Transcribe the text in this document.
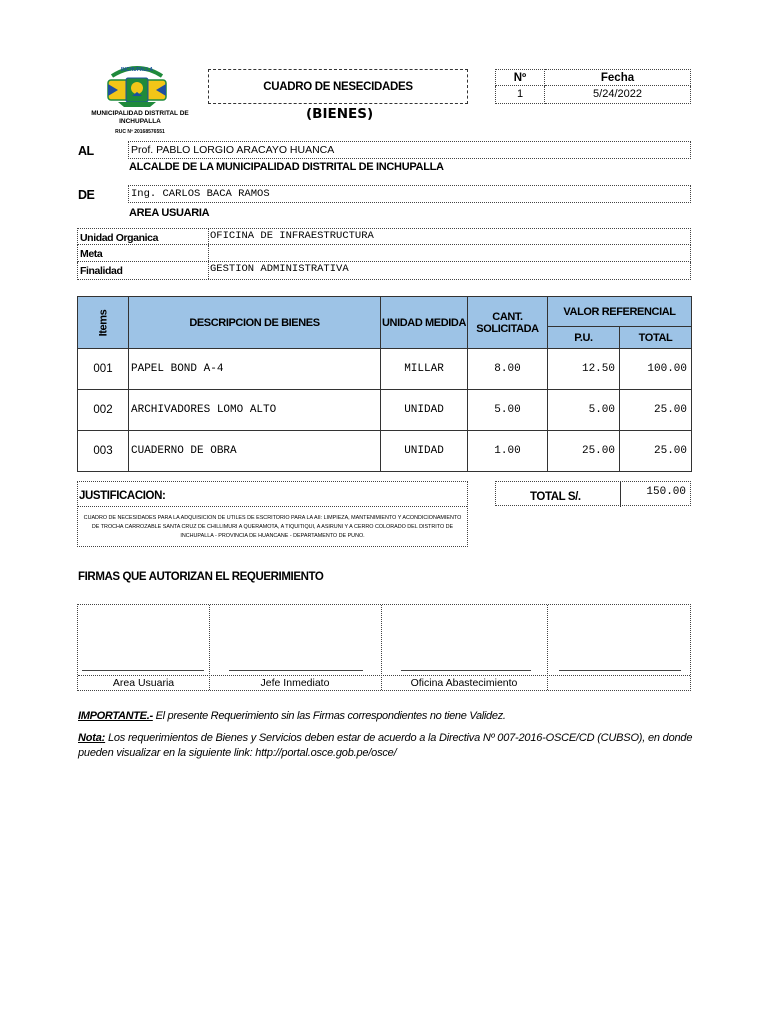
INCHUPALLA
MUNICIPALIDAD DISTRITAL DE INCHUPALLA
RUC Nº 20168576551
CUADRO DE NESECIDADES
(BIENES)
Nº	Fecha
1	5/24/2022
AL	Prof. PABLO LORGIO ARACAYO HUANCA
ALCALDE DE LA MUNICIPALIDAD DISTRITAL DE INCHUPALLA
DE	Ing. CARLOS BACA RAMOS
AREA USUARIA
Unidad Organica	OFICINA DE INFRAESTRUCTURA
Meta
Finalidad	GESTION ADMINISTRATIVA
Items	DESCRIPCION DE BIENES	UNIDAD MEDIDA	CANT. SOLICITADA	VALOR REFERENCIAL	
				P.U.	TOTAL
001	PAPEL BOND A-4	MILLAR	8.00	12.50	100.00
002	ARCHIVADORES LOMO ALTO	UNIDAD	5.00	5.00	25.00
003	CUADERNO DE OBRA	UNIDAD	1.00	25.00	25.00
JUSTIFICACION:
CUADRO DE NECESIDADES PARA LA ADQUISICION DE UTILES DE ESCRITORIO PARA LA AII: LIMPIEZA, MANTENIMIENTO Y ACONDICIONAMIENTO DE TROCHA CARROZABLE SANTA CRUZ DE CHILLIMURI A QUERAMOTA, A TIQUITIQUI, A ASIRUNI Y A CERRO COLORADO DEL DISTRITO DE INCHUPALLA - PROVINCIA DE HUANCANE - DEPARTAMENTO DE PUNO.
TOTAL S/.	150.00
FIRMAS QUE AUTORIZAN EL REQUERIMIENTO
Area Usuaria	Jefe Inmediato	Oficina Abastecimiento
IMPORTANTE.- El presente Requerimiento sin las Firmas correspondientes no tiene Validez.
Nota: Los requerimientos de Bienes y Servicios deben estar de acuerdo a la Directiva Nº 007-2016-OSCE/CD (CUBSO), en donde pueden visualizar en la siguiente link: http://portal.osce.gob.pe/osce/
